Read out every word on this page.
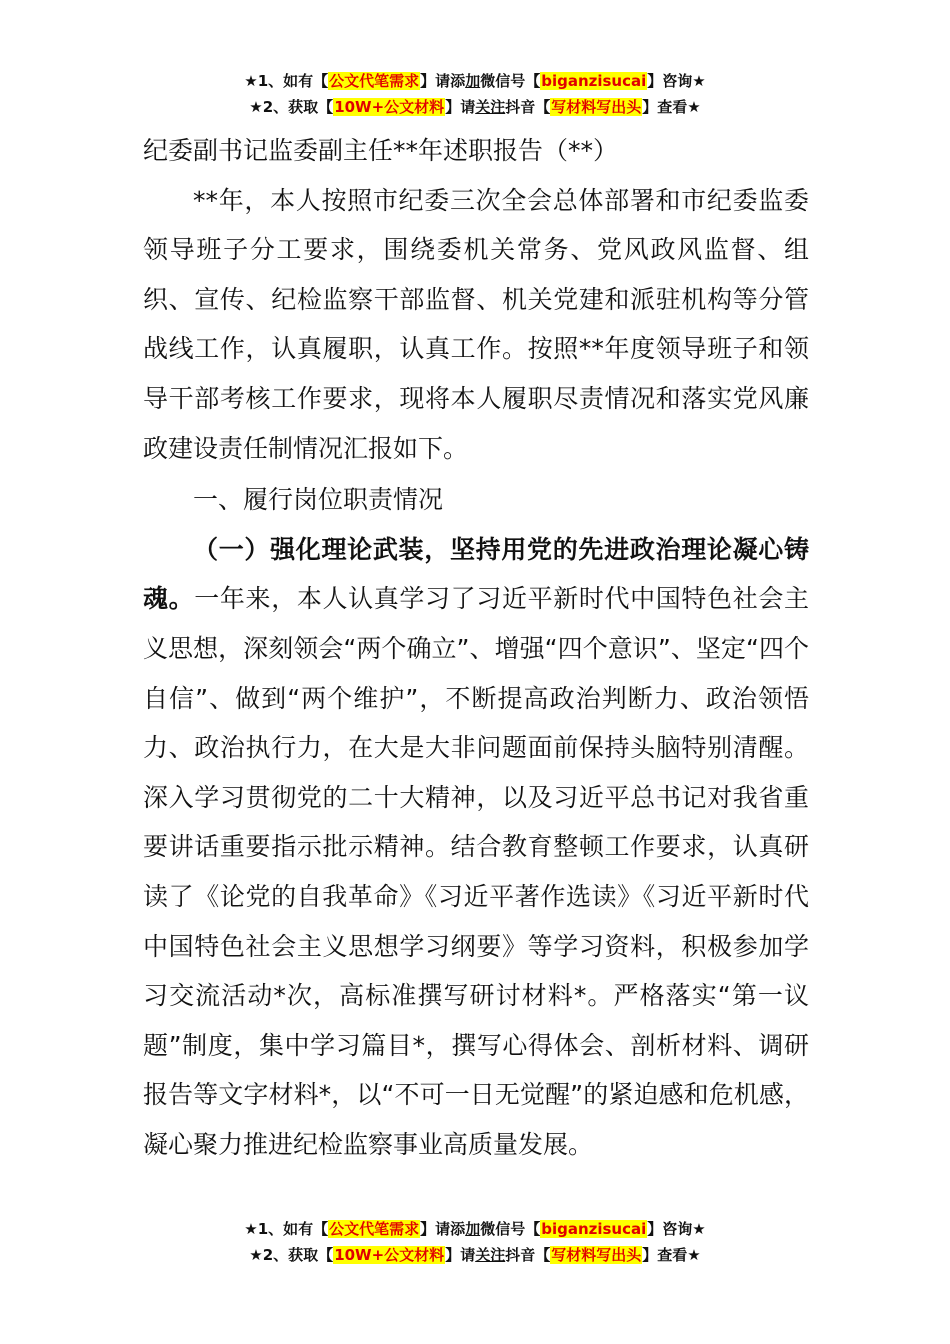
★1、如有【公文代笔需求】请添加微信号【biganzisucai】咨询★
★2、获取【10W+公文材料】请关注抖音【写材料写出头】查看★

纪委副书记监委副主任**年述职报告（**）

**年，本人按照市纪委三次全会总体部署和市纪委监委领导班子分工要求，围绕委机关常务、党风政风监督、组织、宣传、纪检监察干部监督、机关党建和派驻机构等分管战线工作，认真履职，认真工作。按照**年度领导班子和领导干部考核工作要求，现将本人履职尽责情况和落实党风廉政建设责任制情况汇报如下。

一、履行岗位职责情况

（一）强化理论武装，坚持用党的先进政治理论凝心铸魂。一年来，本人认真学习了习近平新时代中国特色社会主义思想，深刻领会“两个确立”、增强“四个意识”、坚定“四个自信”、做到“两个维护”，不断提高政治判断力、政治领悟力、政治执行力，在大是大非问题面前保持头脑特别清醒。深入学习贯彻党的二十大精神，以及习近平总书记对我省重要讲话重要指示批示精神。结合教育整顿工作要求，认真研读了《论党的自我革命》《习近平著作选读》《习近平新时代中国特色社会主义思想学习纲要》等学习资料，积极参加学习交流活动*次，高标准撰写研讨材料*。严格落实“第一议题”制度，集中学习篇目*，撰写心得体会、剖析材料、调研报告等文字材料*，以“不可一日无觉醒”的紧迫感和危机感，凝心聚力推进纪检监察事业高质量发展。

★1、如有【公文代笔需求】请添加微信号【biganzisucai】咨询★
★2、获取【10W+公文材料】请关注抖音【写材料写出头】查看★
